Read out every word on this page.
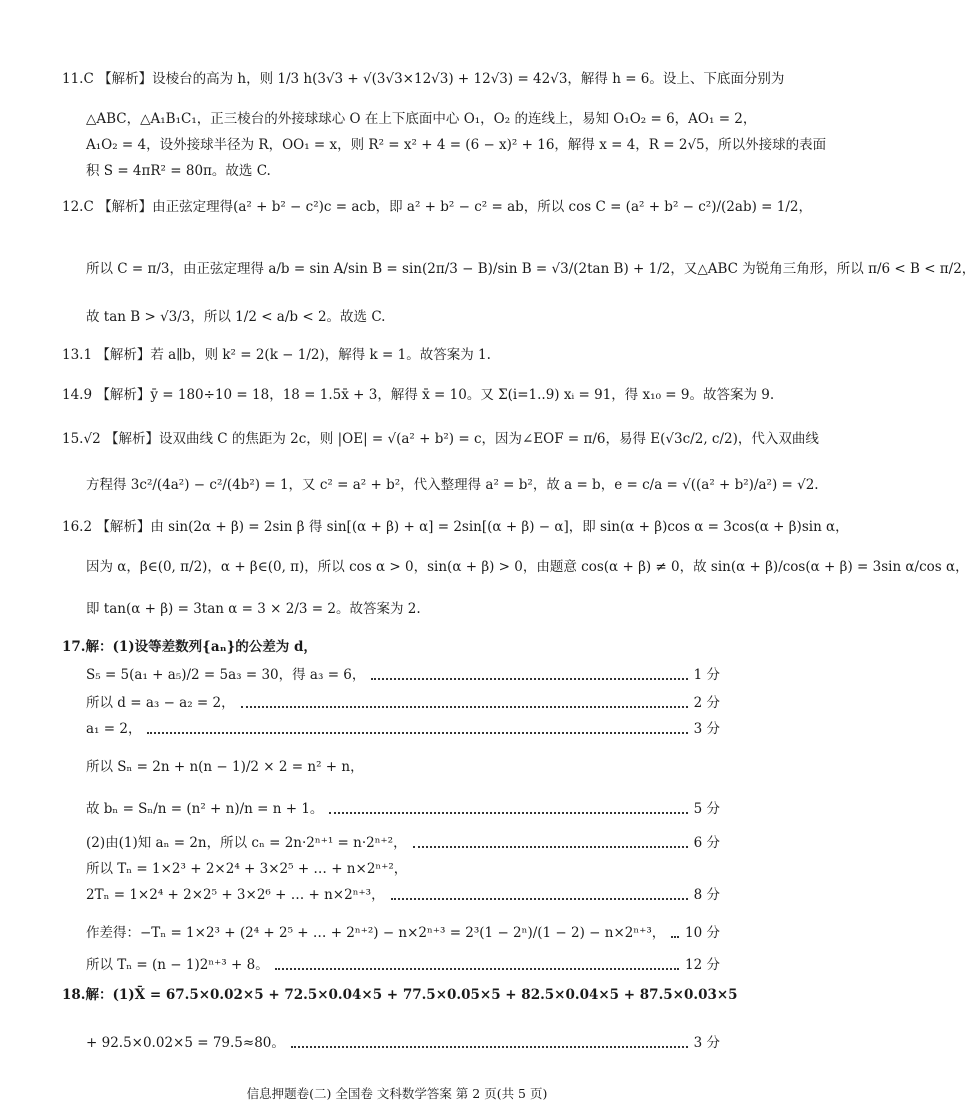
11.C 【解析】设棱台的高为 h，则 1/3 h(3√3 + √(3√3×12√3) + 12√3) = 42√3，解得 h = 6。设上、下底面分别为
△ABC，△A₁B₁C₁，正三棱台的外接球球心 O 在上下底面中心 O₁，O₂ 的连线上，易知 O₁O₂ = 6，AO₁ = 2，
A₁O₂ = 4，设外接球半径为 R，OO₁ = x，则 R² = x² + 4 = (6 − x)² + 16，解得 x = 4，R = 2√5，所以外接球的表面
积 S = 4πR² = 80π。故选 C.
12.C 【解析】由正弦定理得(a² + b² − c²)c = acb，即 a² + b² − c² = ab，所以 cos C = (a² + b² − c²)/(2ab) = 1/2，
所以 C = π/3，由正弦定理得 a/b = sin A/sin B = sin(2π/3 − B)/sin B = √3/(2tan B) + 1/2，又△ABC 为锐角三角形，所以 π/6 < B < π/2，
故 tan B > √3/3，所以 1/2 < a/b < 2。故选 C.
13.1 【解析】若 a∥b，则 k² = 2(k − 1/2)，解得 k = 1。故答案为 1.
14.9 【解析】ȳ = 180÷10 = 18，18 = 1.5x̄ + 3，解得 x̄ = 10。又 Σ(i=1..9) xᵢ = 91，得 x₁₀ = 9。故答案为 9.
15.√2 【解析】设双曲线 C 的焦距为 2c，则 |OE| = √(a² + b²) = c，因为∠EOF = π/6，易得 E(√3c/2, c/2)，代入双曲线
方程得 3c²/(4a²) − c²/(4b²) = 1，又 c² = a² + b²，代入整理得 a² = b²，故 a = b，e = c/a = √((a² + b²)/a²) = √2.
16.2 【解析】由 sin(2α + β) = 2sin β 得 sin[(α + β) + α] = 2sin[(α + β) − α]，即 sin(α + β)cos α = 3cos(α + β)sin α，
因为 α，β∈(0, π/2)，α + β∈(0, π)，所以 cos α > 0，sin(α + β) > 0，由题意 cos(α + β) ≠ 0，故 sin(α + β)/cos(α + β) = 3sin α/cos α，
即 tan(α + β) = 3tan α = 3 × 2/3 = 2。故答案为 2.
17.解：(1)设等差数列{aₙ}的公差为 d，
S₅ = 5(a₁ + a₅)/2 = 5a₃ = 30，得 a₃ = 6，	1 分
所以 d = a₃ − a₂ = 2，	2 分
a₁ = 2，	3 分
所以 Sₙ = 2n + n(n − 1)/2 × 2 = n² + n，
故 bₙ = Sₙ/n = (n² + n)/n = n + 1。	5 分
(2)由(1)知 aₙ = 2n，所以 cₙ = 2n·2ⁿ⁺¹ = n·2ⁿ⁺²，	6 分
所以 Tₙ = 1×2³ + 2×2⁴ + 3×2⁵ + … + n×2ⁿ⁺²，
2Tₙ = 1×2⁴ + 2×2⁵ + 3×2⁶ + … + n×2ⁿ⁺³，	8 分
作差得：−Tₙ = 1×2³ + (2⁴ + 2⁵ + … + 2ⁿ⁺²) − n×2ⁿ⁺³ = 2³(1 − 2ⁿ)/(1 − 2) − n×2ⁿ⁺³， 10 分
所以 Tₙ = (n − 1)2ⁿ⁺³ + 8。	12 分
18.解：(1)X̄ = 67.5×0.02×5 + 72.5×0.04×5 + 77.5×0.05×5 + 82.5×0.04×5 + 87.5×0.03×5
+ 92.5×0.02×5 = 79.5≈80。	3 分
信息押题卷(二) 全国卷 文科数学答案 第 2 页(共 5 页)
